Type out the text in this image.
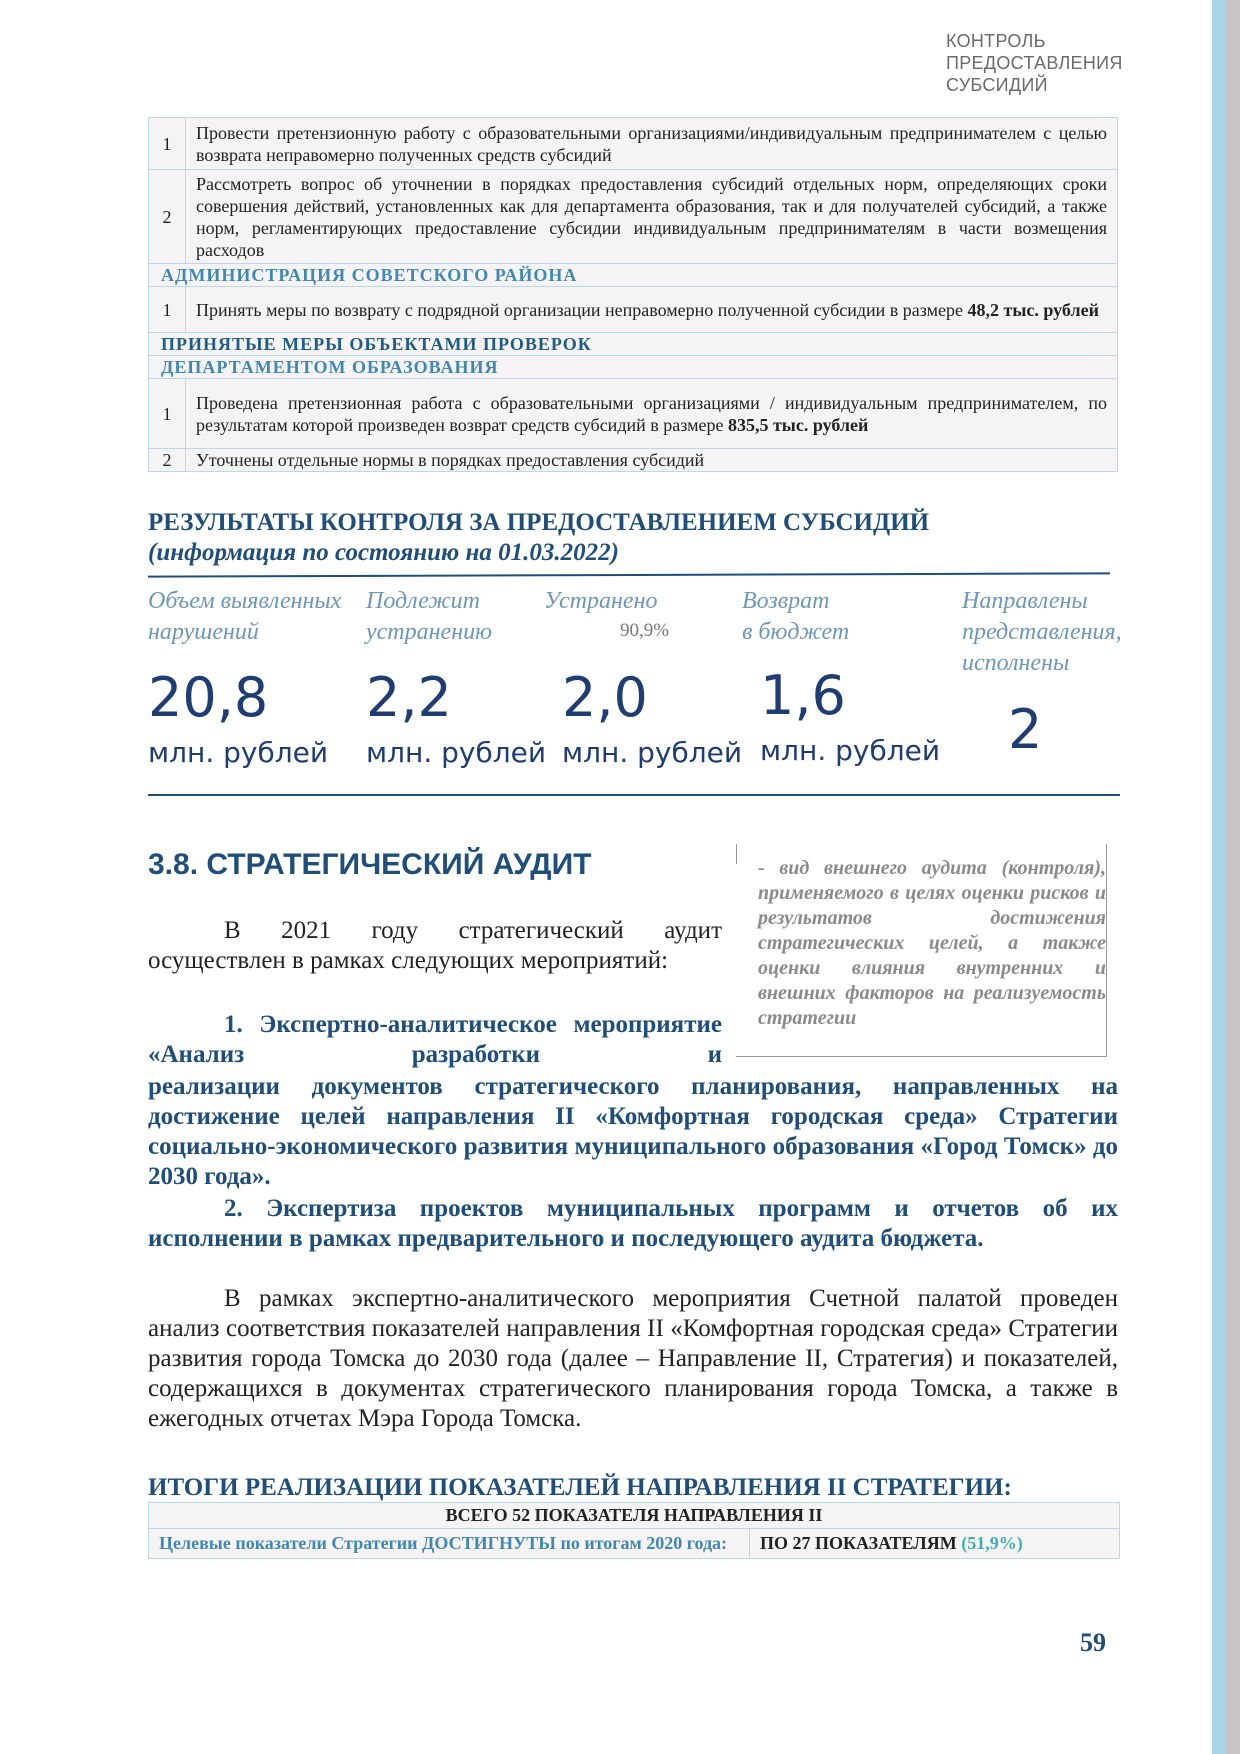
КОНТРОЛЬ
ПРЕДОСТАВЛЕНИЯ
СУБСИДИЙ
1	Провести претензионную работу с образовательными организациями/индивидуальным предпринимателем с целью возврата неправомерно полученных средств субсидий
2	Рассмотреть вопрос об уточнении в порядках предоставления субсидий отдельных норм, определяющих сроки совершения действий, установленных как для департамента образования, так и для получателей субсидий, а также норм, регламентирующих предоставление субсидии индивидуальным предпринимателям в части возмещения расходов
АДМИНИСТРАЦИЯ СОВЕТСКОГО РАЙОНА	
1	Принять меры по возврату с подрядной организации неправомерно полученной субсидии в размере 48,2 тыс. рублей
ПРИНЯТЫЕ МЕРЫ ОБЪЕКТАМИ ПРОВЕРОК	
ДЕПАРТАМЕНТОМ ОБРАЗОВАНИЯ	
1	Проведена претензионная работа с образовательными организациями / индивидуальным предпринимателем, по результатам которой произведен возврат средств субсидий в размере 835,5 тыс. рублей
2	Уточнены отдельные нормы в порядках предоставления субсидий
РЕЗУЛЬТАТЫ КОНТРОЛЯ ЗА ПРЕДОСТАВЛЕНИЕМ СУБСИДИЙ
(информация по состоянию на 01.03.2022)
Объем выявленных
нарушений
20,8
млн. рублей
Подлежит
устранению
2,2
млн. рублей
Устранено
90,9%
2,0
млн. рублей
Возврат
в бюджет
1,6
млн. рублей
Направлены
представления,
исполнены
2
3.8. СТРАТЕГИЧЕСКИЙ АУДИТ	- вид внешнего аудита (контроля), применяемого в целях оценки рисков и результатов достижения стратегических целей, а также оценки влияния внутренних и внешних факторов на реализуемость стратегии
В 2021 году стратегический аудит осуществлен в рамках следующих мероприятий:
1. Экспертно-аналитическое мероприятие «Анализ разработки и
реализации документов стратегического планирования, направленных на достижение целей направления II «Комфортная городская среда» Стратегии социально-экономического развития муниципального образования «Город Томск» до 2030 года».
2. Экспертиза проектов муниципальных программ и отчетов об их исполнении в рамках предварительного и последующего аудита бюджета.
В рамках экспертно-аналитического мероприятия Счетной палатой проведен анализ соответствия показателей направления II «Комфортная городская среда» Стратегии развития города Томска до 2030 года (далее – Направление II, Стратегия) и показателей, содержащихся в документах стратегического планирования города Томска, а также в ежегодных отчетах Мэра Города Томска.
ИТОГИ РЕАЛИЗАЦИИ ПОКАЗАТЕЛЕЙ НАПРАВЛЕНИЯ II СТРАТЕГИИ:
ВСЕГО 52 ПОКАЗАТЕЛЯ НАПРАВЛЕНИЯ II
Целевые показатели Стратегии ДОСТИГНУТЫ по итогам 2020 года:	ПО 27 ПОКАЗАТЕЛЯМ (51,9%)
59
